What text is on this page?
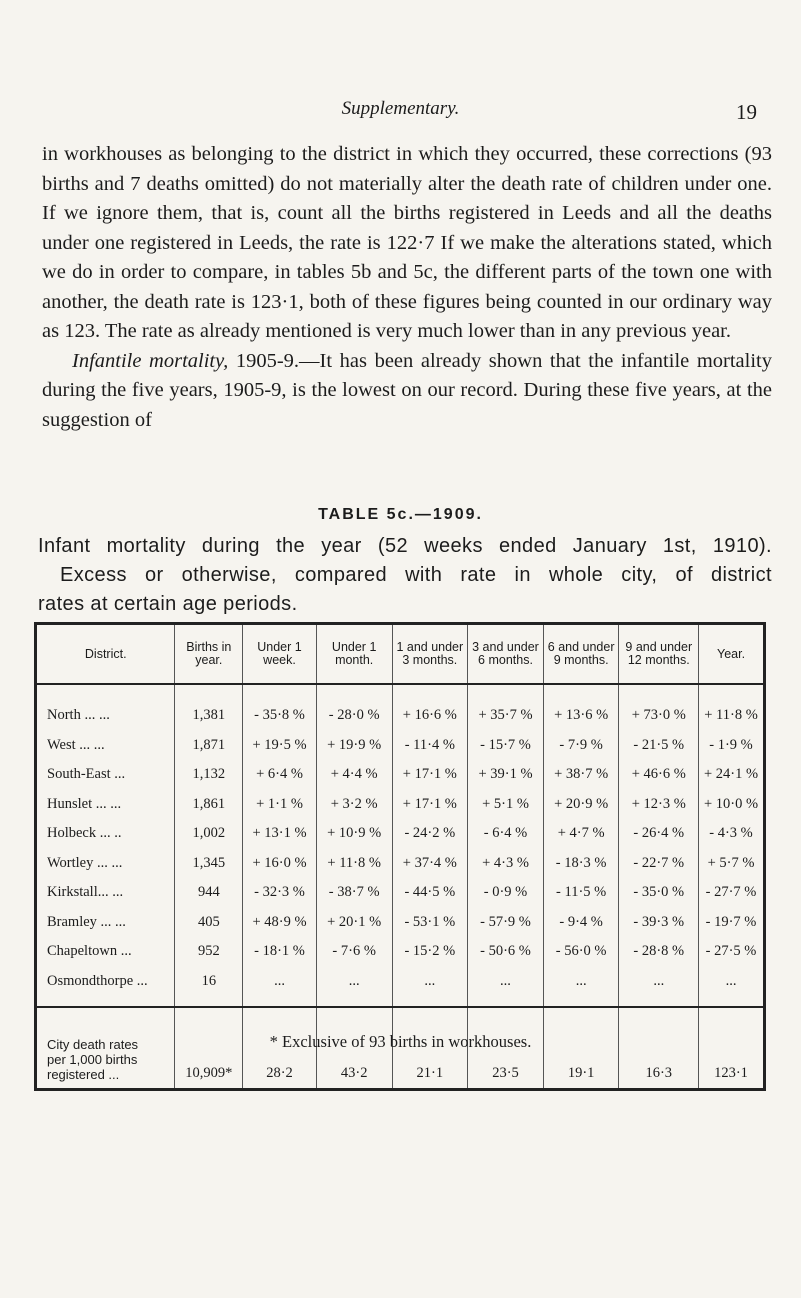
Supplementary.	19

in workhouses as belonging to the district in which they occurred, these corrections (93 births and 7 deaths omitted) do not materially alter the death rate of children under one. If we ignore them, that is, count all the births registered in Leeds and all the deaths under one registered in Leeds, the rate is 122·7 If we make the alterations stated, which we do in order to compare, in tables 5b and 5c, the different parts of the town one with another, the death rate is 123·1, both of these figures being counted in our ordinary way as 123. The rate as already mentioned is very much lower than in any previous year.

Infantile mortality, 1905-9.—It has been already shown that the infantile mortality during the five years, 1905-9, is the lowest on our record. During these five years, at the suggestion of

TABLE 5c.—1909.
Infant mortality during the year (52 weeks ended January 1st, 1910).
Excess or otherwise, compared with rate in whole city, of district
rates at certain age periods.
District.	Births in year.	Under 1 week.	Under 1 month.	1 and under 3 months.	3 and under 6 months.	6 and under 9 months.	9 and under 12 months.	Year.
North ... ...	1,381	- 35·8 %	- 28·0 %	+ 16·6 %	+ 35·7 %	+ 13·6 %	+ 73·0 %	+ 11·8 %
West ... ...	1,871	+ 19·5 %	+ 19·9 %	- 11·4 %	- 15·7 %	- 7·9 %	- 21·5 %	- 1·9 %
South-East ...	1,132	+ 6·4 %	+ 4·4 %	+ 17·1 %	+ 39·1 %	+ 38·7 %	+ 46·6 %	+ 24·1 %
Hunslet ... ...	1,861	+ 1·1 %	+ 3·2 %	+ 17·1 %	+ 5·1 %	+ 20·9 %	+ 12·3 %	+ 10·0 %
Holbeck ... ..	1,002	+ 13·1 %	+ 10·9 %	- 24·2 %	- 6·4 %	+ 4·7 %	- 26·4 %	- 4·3 %
Wortley ... ...	1,345	+ 16·0 %	+ 11·8 %	+ 37·4 %	+ 4·3 %	- 18·3 %	- 22·7 %	+ 5·7 %
Kirkstall... ...	944	- 32·3 %	- 38·7 %	- 44·5 %	- 0·9 %	- 11·5 %	- 35·0 %	- 27·7 %
Bramley ... ...	405	+ 48·9 %	+ 20·1 %	- 53·1 %	- 57·9 %	- 9·4 %	- 39·3 %	- 19·7 %
Chapeltown ...	952	- 18·1 %	- 7·6 %	- 15·2 %	- 50·6 %	- 56·0 %	- 28·8 %	- 27·5 %
Osmondthorpe ...	16	...	...	...	...	...	...	...

City death rates
per 1,000 births
registered ...	10,909*	28·2	43·2	21·1	23·5	19·1	16·3	123·1
* Exclusive of 93 births in workhouses.
